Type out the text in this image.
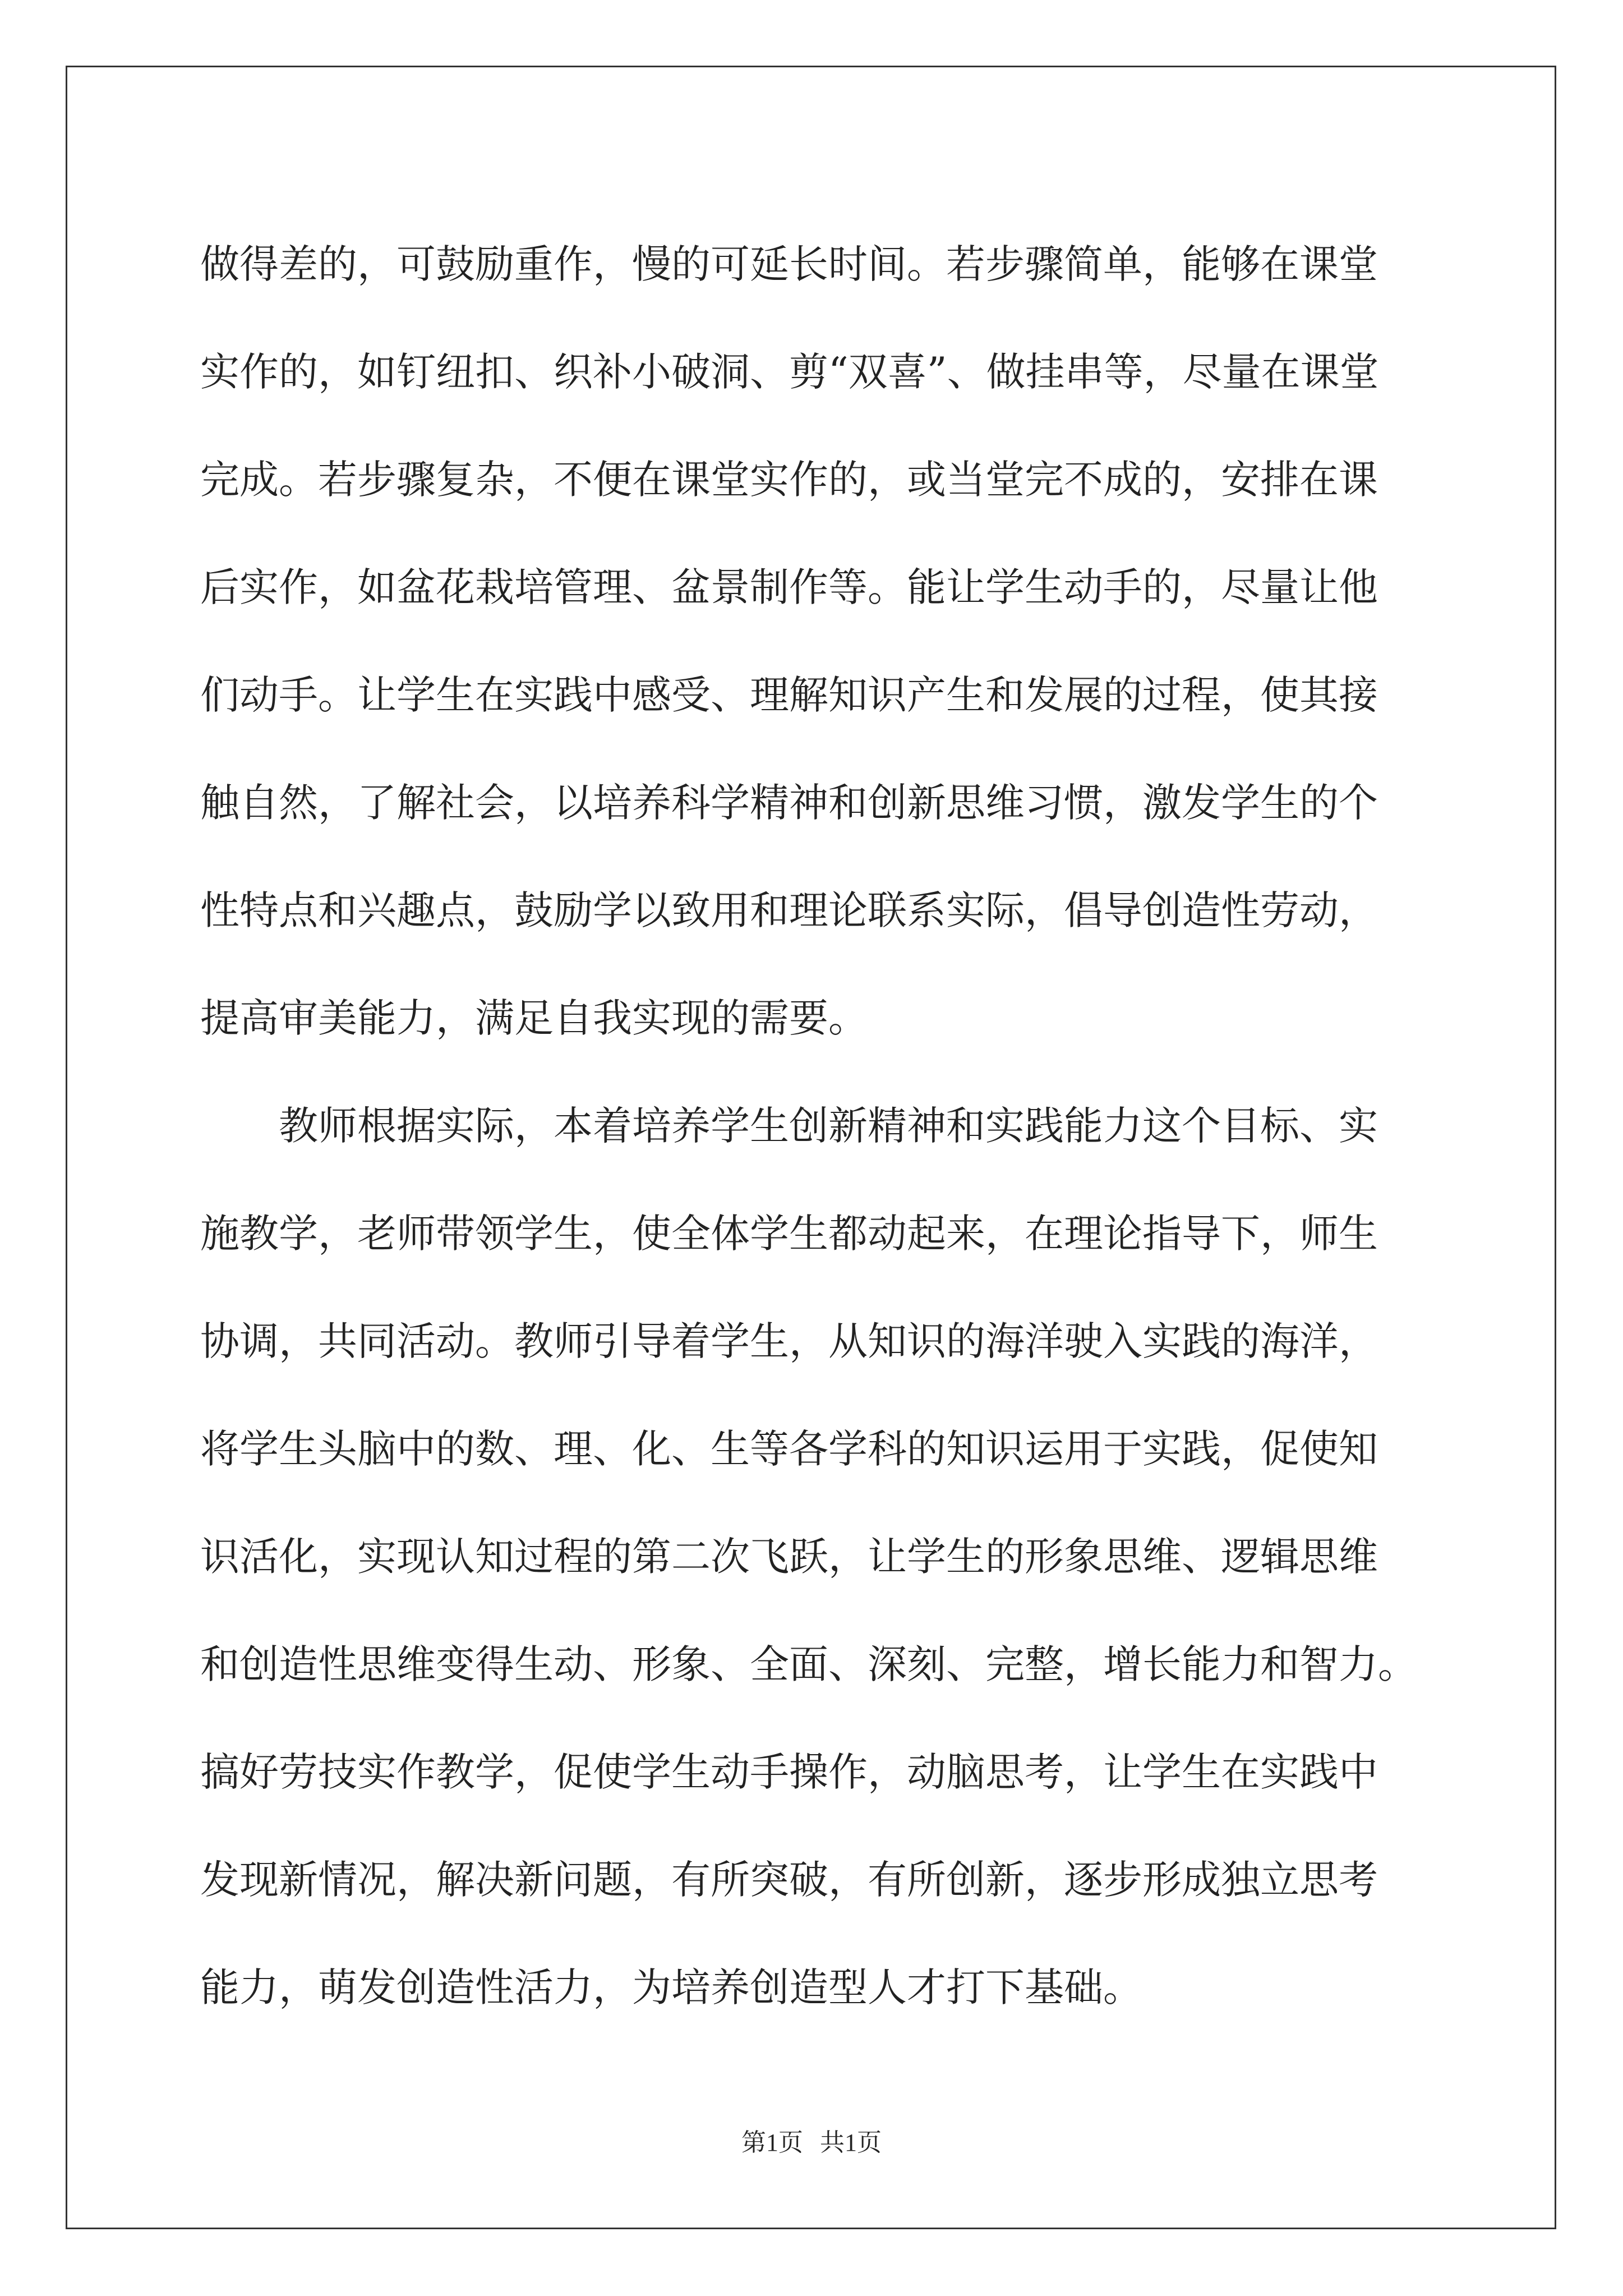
做得差的，可鼓励重作，慢的可延长时间。若步骤简单，能够在课堂
实作的，如钉纽扣、织补小破洞、剪“双喜”、做挂串等，尽量在课堂
完成。若步骤复杂，不便在课堂实作的，或当堂完不成的，安排在课
后实作，如盆花栽培管理、盆景制作等。能让学生动手的，尽量让他
们动手。让学生在实践中感受、理解知识产生和发展的过程，使其接
触自然，了解社会，以培养科学精神和创新思维习惯，激发学生的个
性特点和兴趣点，鼓励学以致用和理论联系实际，倡导创造性劳动，
提高审美能力，满足自我实现的需要。
教师根据实际，本着培养学生创新精神和实践能力这个目标、实
施教学，老师带领学生，使全体学生都动起来，在理论指导下，师生
协调，共同活动。教师引导着学生，从知识的海洋驶入实践的海洋，
将学生头脑中的数、理、化、生等各学科的知识运用于实践，促使知
识活化，实现认知过程的第二次飞跃，让学生的形象思维、逻辑思维
和创造性思维变得生动、形象、全面、深刻、完整，增长能力和智力。
搞好劳技实作教学，促使学生动手操作，动脑思考，让学生在实践中
发现新情况，解决新问题，有所突破，有所创新，逐步形成独立思考
能力，萌发创造性活力，为培养创造型人才打下基础。
第1页 共1页
